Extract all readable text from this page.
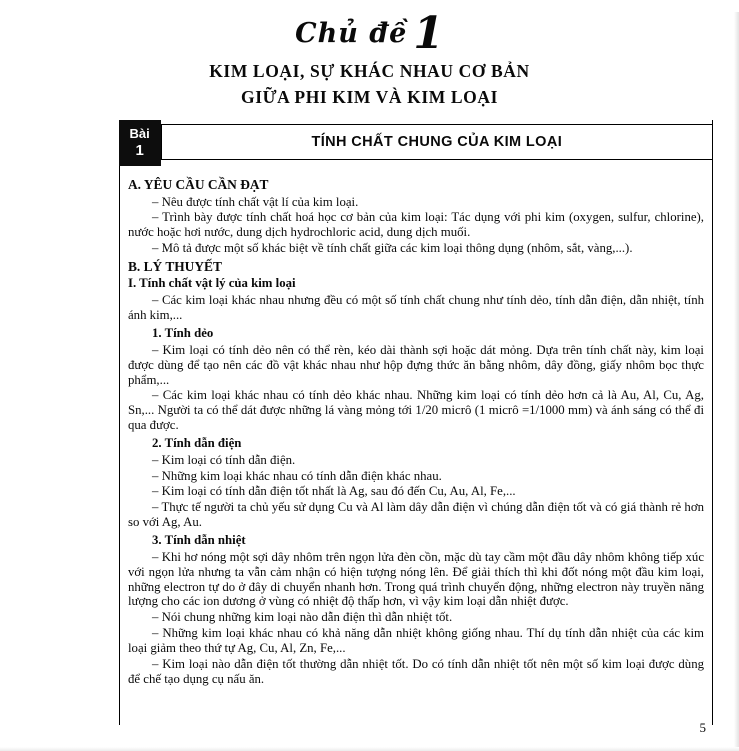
Chủ đề 1
KIM LOẠI, SỰ KHÁC NHAU CƠ BẢN
GIỮA PHI KIM VÀ KIM LOẠI
Bài
1	TÍNH CHẤT CHUNG CỦA KIM LOẠI
A. YÊU CẦU CẦN ĐẠT
– Nêu được tính chất vật lí của kim loại.
– Trình bày được tính chất hoá học cơ bản của kim loại: Tác dụng với phi kim (oxygen, sulfur, chlorine), nước hoặc hơi nước, dung dịch hydrochloric acid, dung dịch muối.
– Mô tả được một số khác biệt về tính chất giữa các kim loại thông dụng (nhôm, sắt, vàng,...).
B. LÝ THUYẾT
I. Tính chất vật lý của kim loại
– Các kim loại khác nhau nhưng đều có một số tính chất chung như tính dẻo, tính dẫn điện, dẫn nhiệt, tính ánh kim,...
1. Tính dẻo
– Kim loại có tính dẻo nên có thể rèn, kéo dài thành sợi hoặc dát mỏng. Dựa trên tính chất này, kim loại được dùng để tạo nên các đồ vật khác nhau như hộp đựng thức ăn bằng nhôm, dây đồng, giấy nhôm bọc thực phẩm,...
– Các kim loại khác nhau có tính dẻo khác nhau. Những kim loại có tính dẻo hơn cả là Au, Al, Cu, Ag, Sn,... Người ta có thể dát được những lá vàng mỏng tới 1/20 micrô (1 micrô =1/1000 mm) và ánh sáng có thể đi qua được.
2. Tính dẫn điện
– Kim loại có tính dẫn điện.
– Những kim loại khác nhau có tính dẫn điện khác nhau.
– Kim loại có tính dẫn điện tốt nhất là Ag, sau đó đến Cu, Au, Al, Fe,...
– Thực tế người ta chủ yếu sử dụng Cu và Al làm dây dẫn điện vì chúng dẫn điện tốt và có giá thành rẻ hơn so với Ag, Au.
3. Tính dẫn nhiệt
– Khi hơ nóng một sợi dây nhôm trên ngọn lửa đèn cồn, mặc dù tay cầm một đầu dây nhôm không tiếp xúc với ngọn lửa nhưng ta vẫn cảm nhận có hiện tượng nóng lên. Để giải thích thì khi đốt nóng một đầu kim loại, những electron tự do ở đây di chuyển nhanh hơn. Trong quá trình chuyển động, những electron này truyền năng lượng cho các ion dương ở vùng có nhiệt độ thấp hơn, vì vậy kim loại dẫn nhiệt được.
– Nói chung những kim loại nào dẫn điện thì dẫn nhiệt tốt.
– Những kim loại khác nhau có khả năng dẫn nhiệt không giống nhau. Thí dụ tính dẫn nhiệt của các kim loại giảm theo thứ tự Ag, Cu, Al, Zn, Fe,...
– Kim loại nào dẫn điện tốt thường dẫn nhiệt tốt. Do có tính dẫn nhiệt tốt nên một số kim loại được dùng để chế tạo dụng cụ nấu ăn.
5
